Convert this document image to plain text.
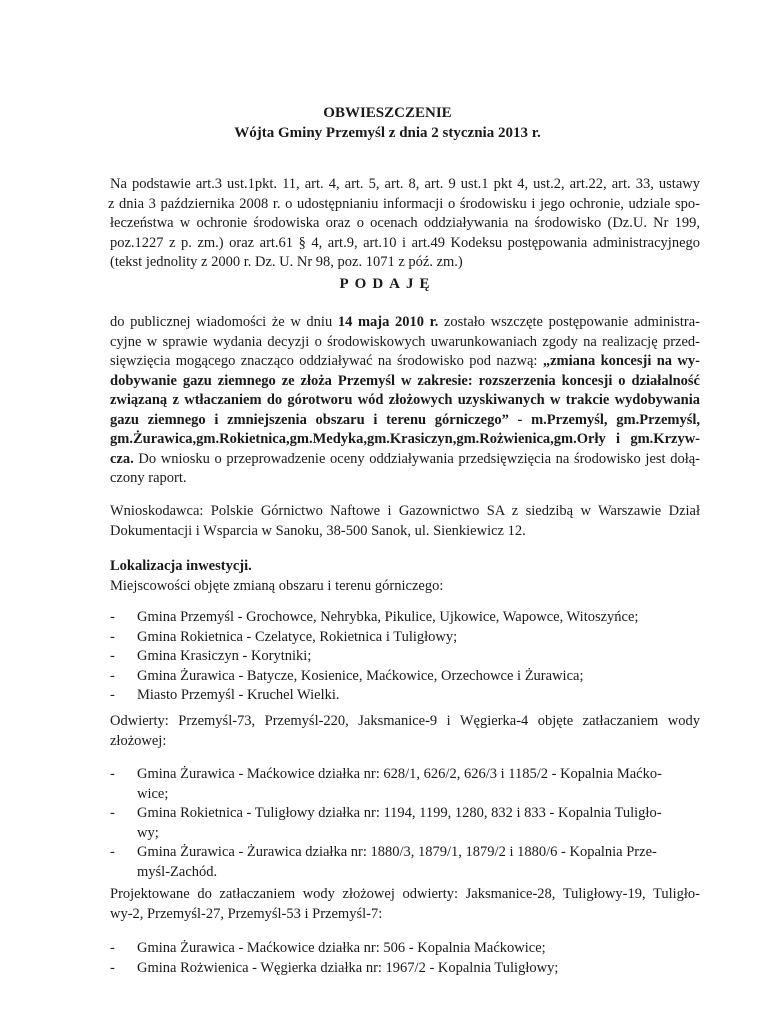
OBWIESZCZENIE
Wójta Gminy Przemyśl z dnia 2 stycznia 2013 r.
Na podstawie art.3 ust.1pkt. 11, art. 4, art. 5, art. 8, art. 9 ust.1 pkt 4, ust.2, art.22, art. 33, ustawy
z dnia 3 października 2008 r. o udostępnianiu informacji o środowisku i jego ochronie, udziale spo-
łeczeństwa w ochronie środowiska oraz o ocenach oddziaływania na środowisko (Dz.U. Nr 199,
poz.1227 z p. zm.) oraz art.61 § 4, art.9, art.10 i art.49 Kodeksu postępowania administracyjnego
(tekst jednolity z 2000 r. Dz. U. Nr 98, poz. 1071 z póź. zm.)
PODAJĘ
do publicznej wiadomości że w dniu 14 maja 2010 r. zostało wszczęte postępowanie administra-
cyjne w sprawie wydania decyzji o środowiskowych uwarunkowaniach zgody na realizację przed-
sięwzięcia mogącego znacząco oddziaływać na środowisko pod nazwą: „zmiana koncesji na wy-
dobywanie gazu ziemnego ze złoża Przemyśl w zakresie: rozszerzenia koncesji o działalność
związaną z wtłaczaniem do górotworu wód złożowych uzyskiwanych w trakcie wydobywania
gazu ziemnego i zmniejszenia obszaru i terenu górniczego” - m.Przemyśl, gm.Przemyśl,
gm.Żurawica,gm.Rokietnica,gm.Medyka,gm.Krasiczyn,gm.Rożwienica,gm.Orły i gm.Krzyw-
cza. Do wniosku o przeprowadzenie oceny oddziaływania przedsięwzięcia na środowisko jest dołą-
czony raport.
Wnioskodawca: Polskie Górnictwo Naftowe i Gazownictwo SA z siedzibą w Warszawie Dział
Dokumentacji i Wsparcia w Sanoku, 38-500 Sanok, ul. Sienkiewicz 12.
Lokalizacja inwestycji.
Miejscowości objęte zmianą obszaru i terenu górniczego:
- Gmina Przemyśl - Grochowce, Nehrybka, Pikulice, Ujkowice, Wapowce, Witoszyńce;
- Gmina Rokietnica - Czelatyce, Rokietnica i Tuligłowy;
- Gmina Krasiczyn - Korytniki;
- Gmina Żurawica - Batycze, Kosienice, Maćkowice, Orzechowce i Żurawica;
- Miasto Przemyśl - Kruchel Wielki.
Odwierty: Przemyśl-73, Przemyśl-220, Jaksmanice-9 i Węgierka-4 objęte zatłaczaniem wody
złożowej:
- Gmina Żurawica - Maćkowice działka nr: 628/1, 626/2, 626/3 i 1185/2 - Kopalnia Maćko-
wice;
- Gmina Rokietnica - Tuligłowy działka nr: 1194, 1199, 1280, 832 i 833 - Kopalnia Tuligło-
wy;
- Gmina Żurawica - Żurawica działka nr: 1880/3, 1879/1, 1879/2 i 1880/6 - Kopalnia Prze-
myśl-Zachód.
Projektowane do zatłaczaniem wody złożowej odwierty: Jaksmanice-28, Tuligłowy-19, Tuligło-
wy-2, Przemyśl-27, Przemyśl-53 i Przemyśl-7:
- Gmina Żurawica - Maćkowice działka nr: 506 - Kopalnia Maćkowice;
- Gmina Rożwienica - Węgierka działka nr: 1967/2 - Kopalnia Tuligłowy;
